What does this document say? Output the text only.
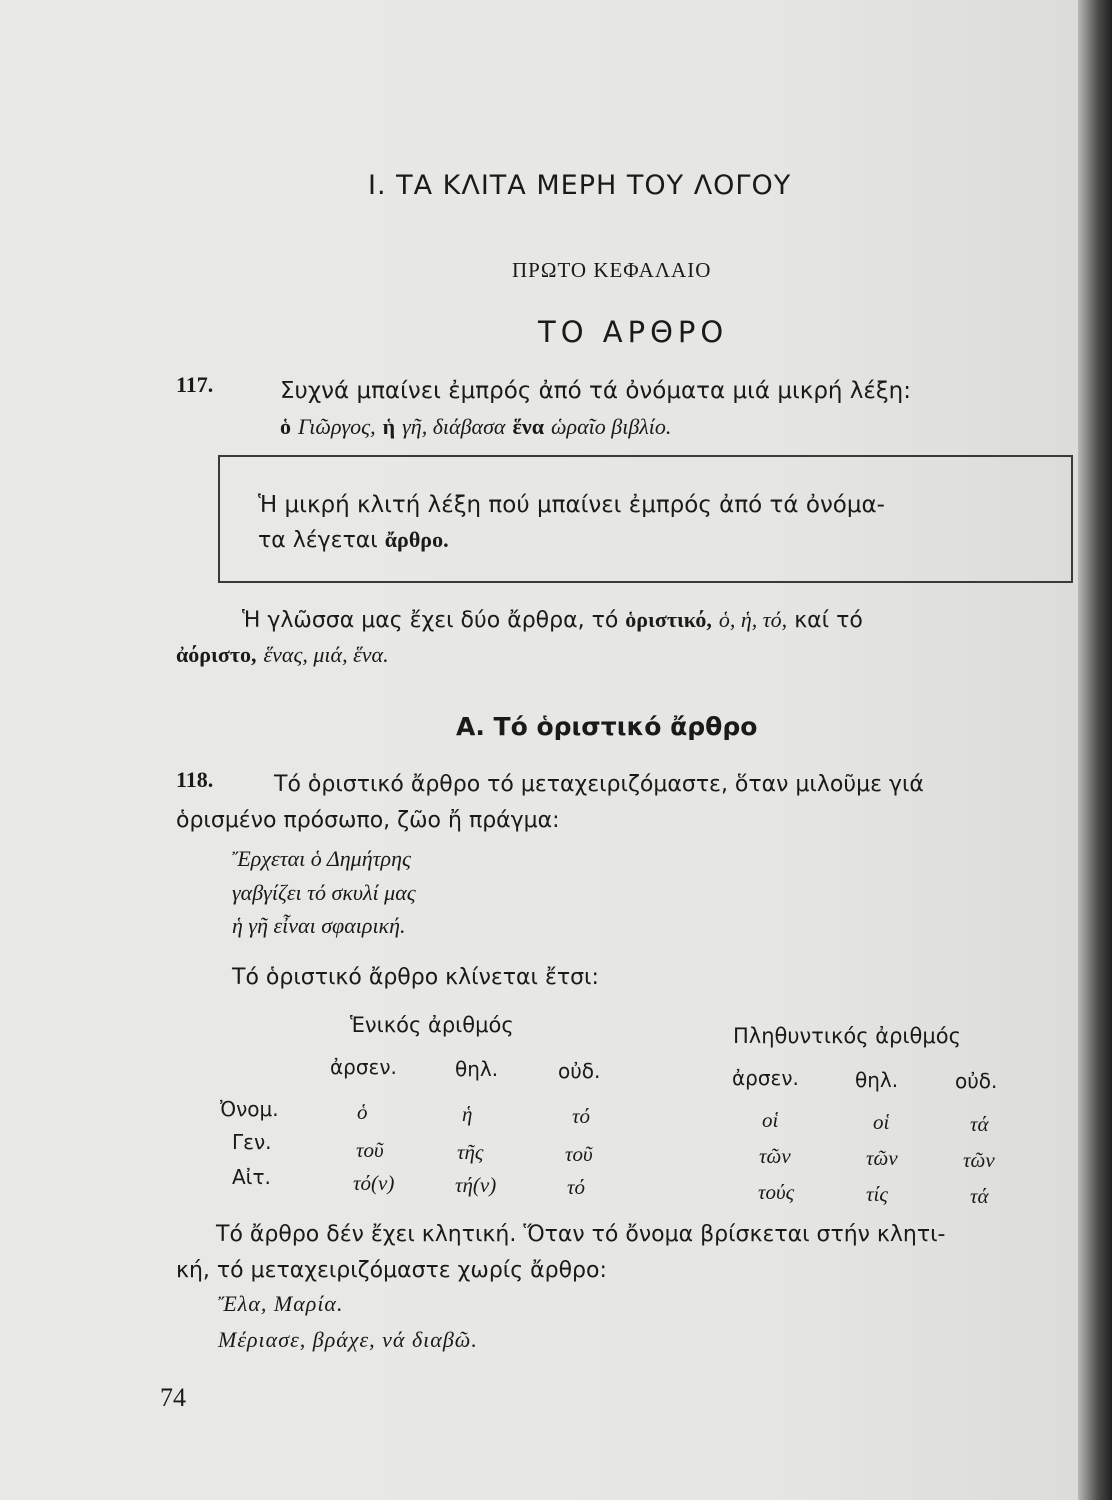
I. ΤΑ ΚΛΙΤΑ ΜΕΡΗ ΤΟΥ ΛΟΓΟΥ
ΠΡΩΤΟ ΚΕΦΑΛΑΙΟ
ΤΟ ΑΡΘΡΟ
117.	Συχνά μπαίνει ἐμπρός ἀπό τά ὀνόματα μιά μικρή λέξη:
ὁ Γιῶργος, ἡ γῆ, διάβασα ἕνα ὡραῖο βιβλίο.
Ἡ μικρή κλιτή λέξη πού μπαίνει ἐμπρός ἀπό τά ὀνόμα-
τα λέγεται ἄρθρο.
Ἡ γλῶσσα μας ἔχει δύο ἄρθρα, τό ὁριστικό, ὁ, ἡ, τό, καί τό
ἀόριστο, ἕνας, μιά, ἕνα.
Α. Τό ὁριστικό ἄρθρο
118.	Τό ὁριστικό ἄρθρο τό μεταχειριζόμαστε, ὅταν μιλοῦμε γιά
ὁρισμένο πρόσωπο, ζῶο ἤ πράγμα:
Ἔρχεται ὁ Δημήτρης
γαβγίζει τό σκυλί μας
ἡ γῆ εἶναι σφαιρική.
Τό ὁριστικό ἄρθρο κλίνεται ἔτσι:
Ἑνικός ἀριθμός	Πληθυντικός ἀριθμός
ἀρσεν.	θηλ.	οὐδ.	ἀρσεν.	θηλ.	οὐδ.
Ὀνομ.	ὁ	ἡ	τό	οἱ	οἱ	τά
Γεν.	τοῦ	τῆς	τοῦ	τῶν	τῶν	τῶν
Αἰτ.	τό(ν)	τή(ν)	τό	τούς	τίς	τά
Τό ἄρθρο δέν ἔχει κλητική. Ὅταν τό ὄνομα βρίσκεται στήν κλητι-
κή, τό μεταχειριζόμαστε χωρίς ἄρθρο:
Ἔλα, Μαρία.
Μέριασε, βράχε, νά διαβῶ.
74
